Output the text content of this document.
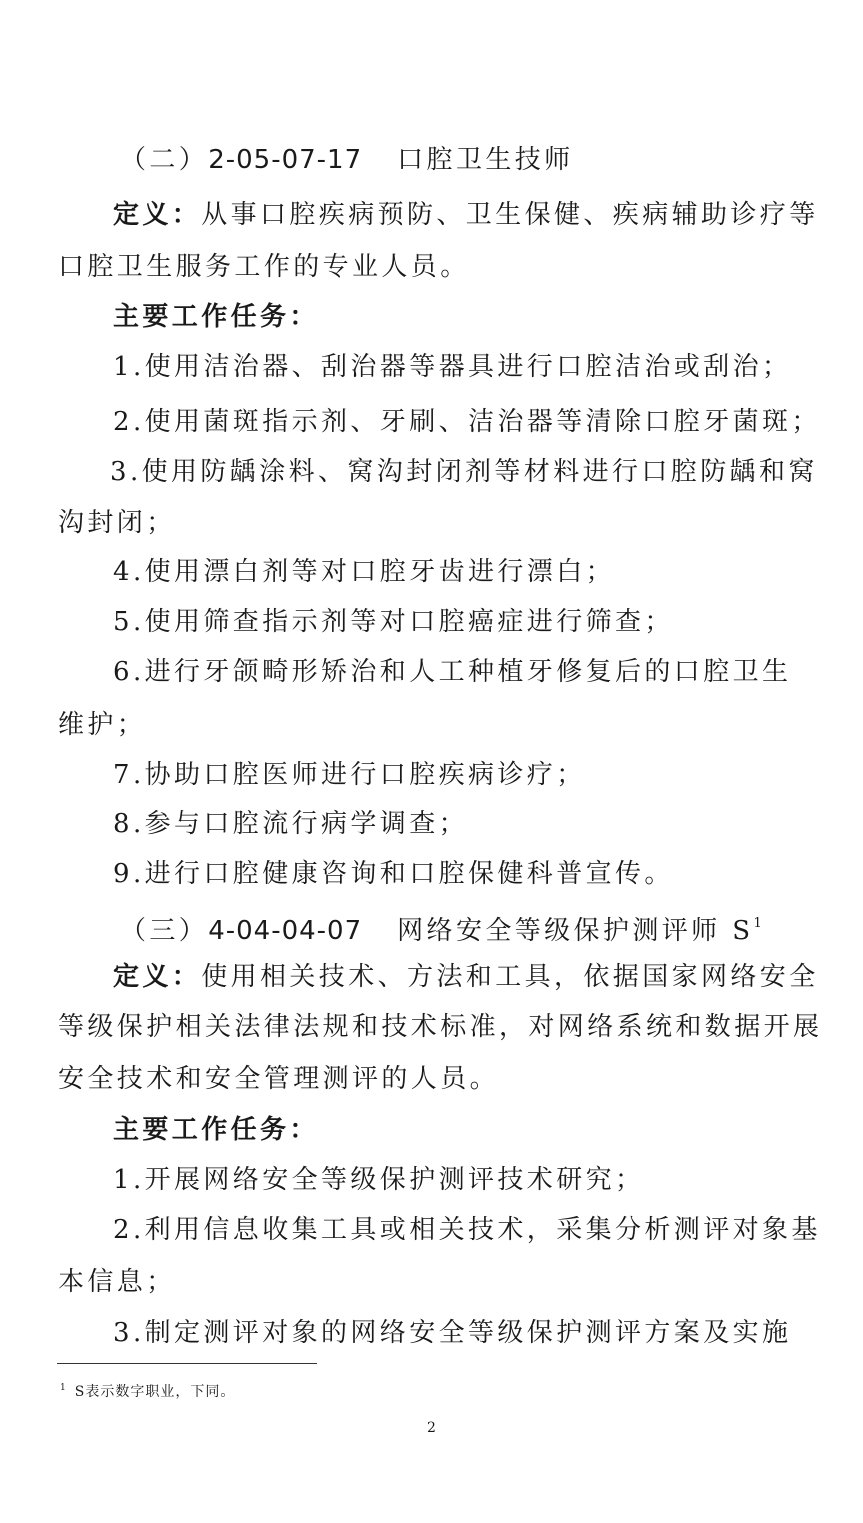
（二）2-05-07-17 口腔卫生技师
定义：从事口腔疾病预防、卫生保健、疾病辅助诊疗等
口腔卫生服务工作的专业人员。
主要工作任务：
1.使用洁治器、刮治器等器具进行口腔洁治或刮治；
2.使用菌斑指示剂、牙刷、洁治器等清除口腔牙菌斑；
3.使用防龋涂料、窝沟封闭剂等材料进行口腔防龋和窝
沟封闭；
4.使用漂白剂等对口腔牙齿进行漂白；
5.使用筛查指示剂等对口腔癌症进行筛查；
6.进行牙颌畸形矫治和人工种植牙修复后的口腔卫生
维护；
7.协助口腔医师进行口腔疾病诊疗；
8.参与口腔流行病学调查；
9.进行口腔健康咨询和口腔保健科普宣传。
（三）4-04-04-07 网络安全等级保护测评师 $S^1$
定义：使用相关技术、方法和工具，依据国家网络安全
等级保护相关法律法规和技术标准，对网络系统和数据开展
安全技术和安全管理测评的人员。
主要工作任务：
1.开展网络安全等级保护测评技术研究；
2.利用信息收集工具或相关技术，采集分析测评对象基
本信息；
3.制定测评对象的网络安全等级保护测评方案及实施
$^1$ S表示数字职业，下同。
2
